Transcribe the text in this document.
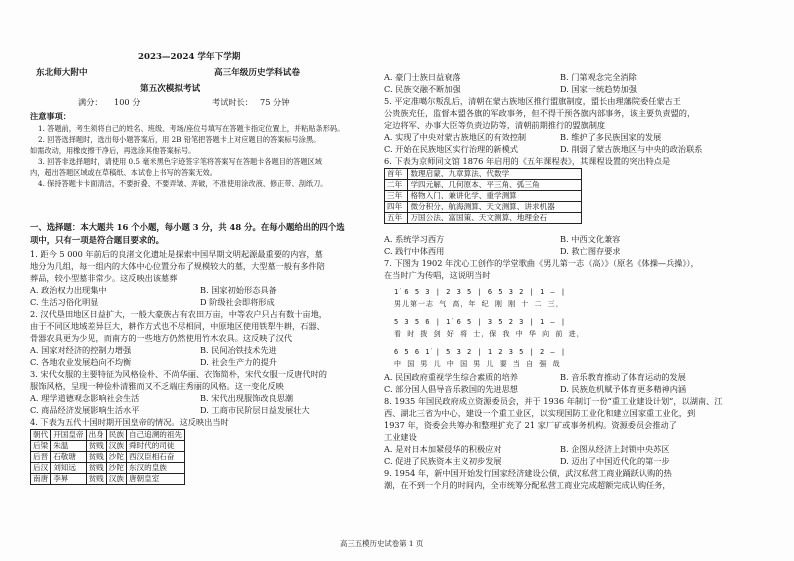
2023—2024 学年下学期
东北师大附中	高三年级历史学科试卷
第五次模拟考试
满分： 100 分	考试时长： 75 分钟
注意事项：
1. 答题前，考生须将自己的姓名、班级、考场/座位号填写在答题卡指定位置上，并粘贴条形码。
2. 回答选择题时，选出每小题答案后，用 2B 铅笔把答题卡上对应题目的答案标号涂黑。
如需改动，用橡皮擦干净后，再选涂其他答案标号。
3. 回答非选择题时，请使用 0.5 毫米黑色字迹签字笔将答案写在答题卡各题目的答题区域
内，超出答题区域或在草稿纸、本试卷上书写的答案无效。
4. 保持答题卡卡面清洁，不要折叠、不要弄皱、弄破，不准使用涂改液、修正带、刮纸刀。
一、选择题：本大题共 16 个小题，每小题 3 分，共 48 分。在每小题给出的四个选
项中，只有一项是符合题目要求的。
1. 距今 5 000 年前后的良渚文化遗址是探索中国早期文明起源最重要的内容，墓
地分为几组，每一组内的大体中心位置分布了规模较大的墓，大型墓一般有多件陪
葬品，较小型墓非常少。这反映出该墓葬
A. 政治权力出现集中	B. 国家初始形态具备
C. 生活习俗化明显	D 阶级社会即将形成
2. 汉代垦田地区日益扩大，一般大豪族占有农田万亩，中等农户只占有数十亩地，
由于不同区地域差异巨大，耕作方式也不尽相同，中原地区使用铁犁牛耕，石器、
骨器农具更为少见，而南方的一些地方仍然使用竹木农具。这反映了汉代
A. 国家对经济的控制力增强	B. 民间冶铁技术先进
C. 各地农业发展趋向不均衡	D. 社会生产力的提升
3. 宋代女服的主要特征为风格俭朴、不尚华丽、衣饰简朴，宋代女服一反唐代时的
服饰风格，呈现一种俭朴清雅而又不乏端庄秀丽的风格。这一变化反映
A. 理学道德观念影响社会生活	B. 宋代出现服饰改良思潮
C. 商品经济发展影响生活水平	D. 工商市民阶层日益发展壮大
4. 下表为五代十国时期开国皇帝的情况。这反映出当时
朝代	开国皇帝	出身	民族	自己追溯的祖先
后梁	朱温	贫贱	汉族	舜时代的司徒
后晋	石敬瑭	贫贱	沙陀	西汉臣相石奋
后汉	刘知远	贫贱	沙陀	东汉的皇族
南唐	李昪	贫贱	汉族	唐朝皇室
A. 豪门士族日益衰落	B. 门第观念完全消除
C. 民族交融不断加强	D. 国家一统趋势加强
5. 平定准噶尔叛乱后，清朝在蒙古族地区推行盟旗制度，盟长由理藩院委任蒙古王
公贵族充任，监督本盟各旗的军政事务，但不得干预各旗内部事务，该主要负责盟的，
定边将军、办事大臣等负责边防等，清朝前期推行的盟旗制度
A. 实现了中央对蒙古族地区的有效控制	B. 维护了多民族国家的发展
C. 开始在民族地区实行治理的新模式	D. 削弱了蒙古族地区与中央的政治联系
6. 下表为京师同文馆 1876 年启用的《五年课程表》，其课程设置的突出特点是
首年	数理启蒙、九章算法、代数学
二年	学四元解、几何原本、平三角、弧三角
三年	格物入门、兼讲化学、重学测算
四年	微分积分、航海测算、天文测算、讲求机器
五年	万国公法、富国策、天文测算、地理金石
A. 系统学习西方	B. 中西文化兼容
C. 践行中体西用	D. 救亡图存要求
7. 下图为 1902 年沈心工创作的学堂歌曲《男儿第一志（高）》（原名《体操—兵操》），
在当时广为传唱，这说明当时
1̇ 6 5 3 | 2 3 5 | 6 5 3 2 | 1 — |
男儿第一志 气 高，年 纪 刚 刚 十 二 三，
5 3 5 6 | 1̇ 6 5 | 3 5 2 3 | 1 — |
看 时 拨 剑 好 将 士，保 我 中 华 向 前 进，
6 5 6 1̇ | 5 3 2 | 1 2 3 5 | 2 — |
中 国 男 儿 中 国 男 儿 要 当 自 强 哉
A. 民国政府重视学生综合素质的培养	B. 音乐教育推动了体育运动的发展
C. 部分国人倡导音乐救国的先进思想	D. 民族危机赋予体育更多精神内涵
8. 1935 年国民政府成立资源委员会，并于 1936 年制订一份“重工业建设计划”，以湖南、江
西、湖北三省为中心，建设一个重工业区，以实现国防工业化和建立国家重工业化，到
1937 年，资委会共筹办和整理扩充了 21 家厂矿或事务机构。资源委员会推动了
工业建设
A. 是对日本加紧侵华的积极应对	B. 企图从经济上封锁中央苏区
C. 促进了民族资本主义初步发展	D. 迈出了中国近代化的第一步
9. 1954 年，新中国开始发行国家经济建设公债，武汉私营工商业踊跃认购的热
潮，在不到一个月的时间内，全市统筹分配私营工商业完成超额完成认购任务，
高三五模历史试卷第 1 页
